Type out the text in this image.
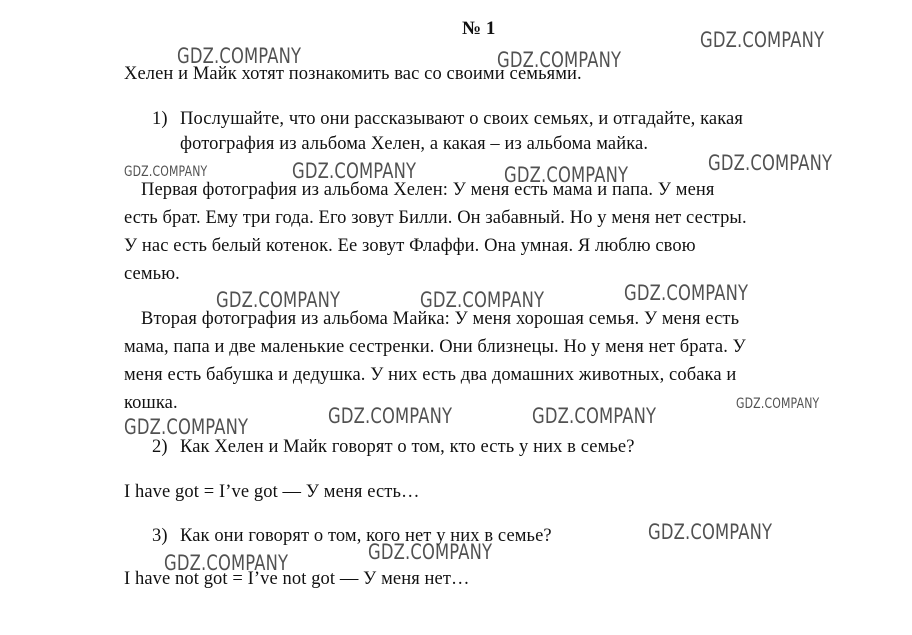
№ 1
Хелен и Майк хотят познакомить вас со своими семьями.
1) Послушайте, что они рассказывают о своих семьях, и отгадайте, какая
фотография из альбома Хелен, а какая – из альбома майка.
Первая фотография из альбома Хелен: У меня есть мама и папа. У меня
есть брат. Ему три года. Его зовут Билли. Он забавный. Но у меня нет сестры.
У нас есть белый котенок. Ее зовут Флаффи. Она умная. Я люблю свою
семью.
Вторая фотография из альбома Майка: У меня хорошая семья. У меня есть
мама, папа и две маленькие сестренки. Они близнецы. Но у меня нет брата. У
меня есть бабушка и дедушка. У них есть два домашних животных, собака и
кошка.
2) Как Хелен и Майк говорят о том, кто есть у них в семье?
I have got = I’ve got — У меня есть…
3) Как они говорят о том, кого нет у них в семье?
I have not got = I’ve not got — У меня нет…
GDZ.COMPANY	GDZ.COMPANY
GDZ.COMPANY
GDZ.COMPANY	GDZ.COMPANY	GDZ.COMPANY	GDZ.COMPANY
GDZ.COMPANY	GDZ.COMPANY	GDZ.COMPANY
GDZ.COMPANY	GDZ.COMPANY	GDZ.COMPANY	GDZ.COMPANY
GDZ.COMPANY
GDZ.COMPANY
GDZ.COMPANY
